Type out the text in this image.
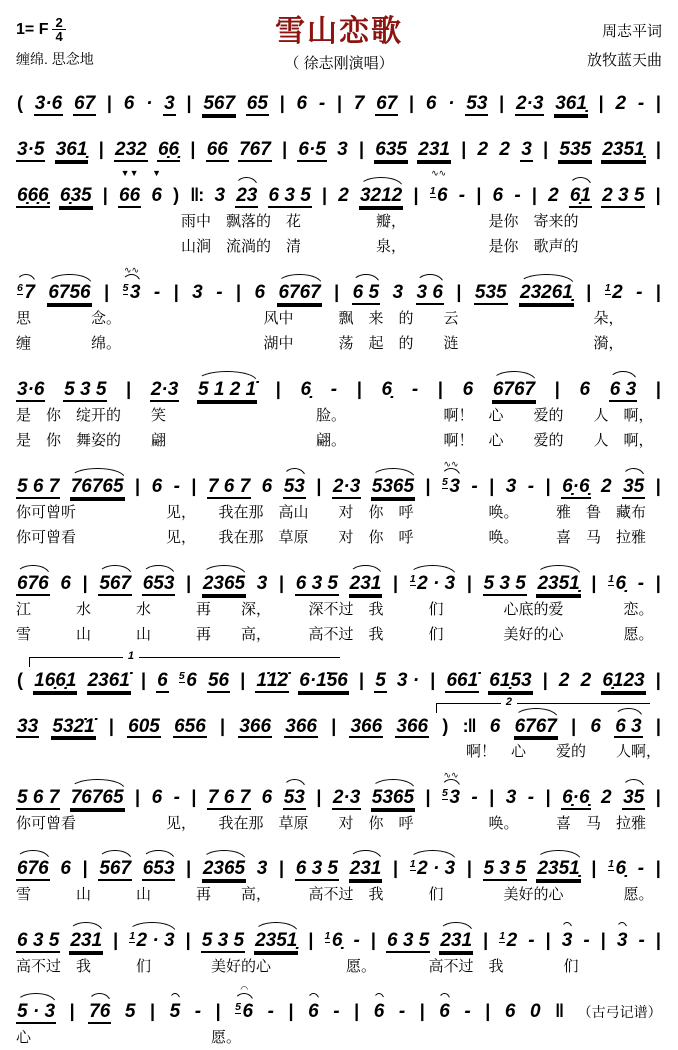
1= F $\frac{2}{4}$
缠绵. 思念地
雪山恋歌
（ 徐志刚演唱）
周志平词
放牧蓝天曲
( 3·6 67 | 6 · 3 | 567 65 | 6 - | 7 67 | 6 · 53 | 2·3 361̣ | 2 - |
3·5 361̣ | 232 6̣6̣ | 66 767 | 6·5 3 | 635 231 | 2 2 3 | 535 2351̣ |
6̣6̣6̣ 6̣35 | 66
▼▼
6
▼
) ‖: 3 23 6 3 5 | 2 3212 | $^1$6
∿∿
- | 6 - | 2 6̣1 2 3 5 |
　　　　　　　　　　　雨中　飘落的　花　　　　　瓣，　　　　　　是你　寄来的
　　　　　　　　　　　山涧　流淌的　清　　　　　泉，　　　　　　是你　歌声的
$^6$7 6756 | $^5$3
∿∿
- | 3 - | 6 6767 | 6 5 3 3 6 | 535 23261̣ | $^1$2 - |
思　　　　念。　　　　　　　　　　风中　　　飘　来　的　　云　　　　　　　　　朵，
缠　　　　绵。　　　　　　　　　　湖中　　　荡　起　的　　涟　　　　　　　　　漪，
3·6 5 3 5 | 2·3 5 1 2 1̇ | 6̣ - | 6̣ - | 6 6767 | 6 6 3 |
是　你　绽开的　　笑　　　　　　　　　　脸。　　　　　　　啊！　心　　爱的　　人　啊，
是　你　舞姿的　　翩　　　　　　　　　　翩。　　　　　　　啊！　心　　爱的　　人　啊，
5 6 7 76765 | 6 - | 7 6 7 6 53 | 2·3 5365 | $^5$3
∿∿
- | 3 - | 6̣·6̣ 2 35 |
你可曾听　　　　　　见，　　我在那　高山　　对　你　呼　　　　　唤。　　　雅　鲁　藏布
你可曾看　　　　　　见，　　我在那　草原　　对　你　呼　　　　　唤。　　　喜　马　拉雅
676 6 | 567 653 | 2365 3 | 6 3 5 231 | $^1$2 · 3 | 5 3 5 2351̣ | $^1$6̣ - |
江　　　水　　　水　　　再　　深，　　　深不过　我　　　们　　　　心底的爱　　　　恋。
雪　　　山　　　山　　　再　　高，　　　高不过　我　　　们　　　　美好的心　　　　愿。
1
( 16̣6̣1 2361̇ | 6 $^5$6 56 | 1̇1̇2̇ 6·1̇56 | 5 3 · | 661̇ 61̣53 | 2 2 6̣123 |
2
33 532̇1̇ | 605 656 | 366 366 | 366 366 ) :‖ 6 6767 | 6 6 3 |
　　　　　　　　　　　　　　　　　　　　　　　　　　　　　　啊！　心　　爱的　　人啊，
5 6 7 76765 | 6 - | 7 6 7 6 53 | 2·3 5365 | $^5$3
∿∿
- | 3 - | 6̣·6̣ 2 35 |
你可曾看　　　　　　见，　　我在那　草原　　对　你　呼　　　　　唤。　　　喜　马　拉雅
676 6 | 567 653 | 2365 3 | 6 3 5 231 | $^1$2 · 3 | 5 3 5 2351̣ | $^1$6̣ - |
雪　　　山　　　山　　　再　　高，　　　高不过　我　　　们　　　　美好的心　　　　愿。
6 3 5 231 | $^1$2 · 3 | 5 3 5 2351̣ | $^1$6̣ - | 6 3 5 231 | $^1$2 - | 3 - | 3 - |
高不过　我　　　们　　　　美好的心　　　　　愿。　　　　高不过　我　　　　们
5 · 3 | 76 5 | 5 - | $^5$6
◠
- | 6 - | 6 - | 6 - | 6 0 ‖ （古弓记谱）
心　　　　　　　　　　　　愿。
